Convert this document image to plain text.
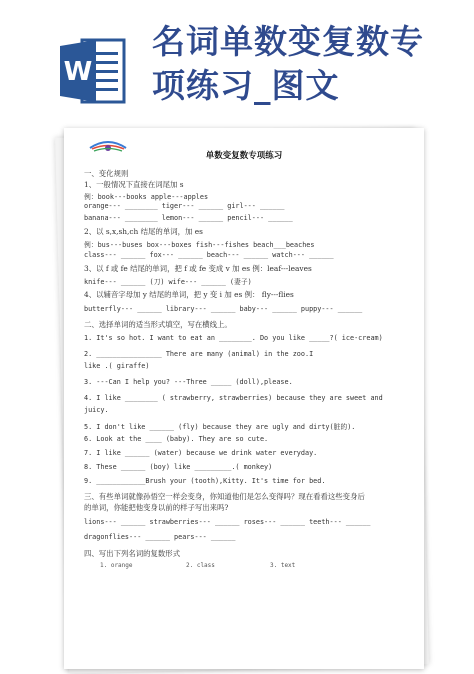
W
名词单数变复数专
项练习_图文
单数变复数专项练习
一、变化规则
1、一般情况下直接在词尾加 s
例：book---books apple---apples
orange--- ________ tiger--- ______ girl--- ______
banana--- ________ lemon--- ______ pencil--- ______
2、以 s,x,sh,ch 结尾的单词，加 es
例：bus---buses box---boxes fish---fishes beach___beaches
class--- ______ fox--- ______ beach--- ______ watch--- ______
3、以 f 或 fe 结尾的单词，把 f 或 fe 变成 v 加 es 例：leaf---leaves
knife--- ______ (刀) wife--- ______ (妻子)
4、以辅音字母加 y 结尾的单词，把 y 变 i 加 es 例： fly---flies
butterfly--- ______ library--- ______ baby--- ______ puppy--- ______
二、选择单词的适当形式填空，写在横线上。
1. It's so hot. I want to eat an ________. Do you like _____?( ice-cream)
2. ________________ There are many (animal) in the zoo.I
like .( giraffe)
3. ---Can I help you? ---Three _____ (doll),please.
4. I like ________ ( strawberry, strawberries) because they are sweet and
juicy.
5. I don't like ______ (fly) because they are ugly and dirty(脏的).
6. Look at the ____ (baby). They are so cute.
7. I like ______ (water) because we drink water everyday.
8. These ______ (boy) like _________.( monkey)
9. ____________Brush your (tooth),Kitty. It's time for bed.
三、有些单词就像孙悟空一样会变身，你知道他们是怎么变得吗？现在看看这些变身后
的单词，你能把他变身以前的样子写出来吗?
lions--- ______ strawberries--- ______ roses--- ______ teeth--- ______
dragonflies--- ______ pears--- ______
四、写出下列名词的复数形式
1. orange	2. class	3. text
